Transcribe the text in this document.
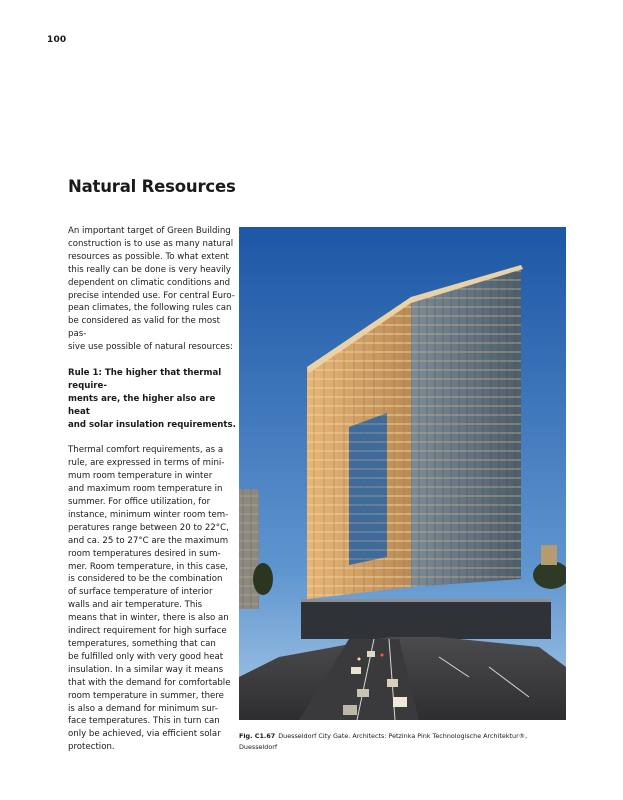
100
Natural Resources
An important target of Green Building
construction is to use as many natural
resources as possible. To what extent
this really can be done is very heavily
dependent on climatic conditions and
precise intended use. For central Euro-
pean climates, the following rules can
be considered as valid for the most pas-
sive use possible of natural resources:
Rule 1: The higher that thermal require-
ments are, the higher also are heat
and solar insulation requirements.
Thermal comfort requirements, as a
rule, are expressed in terms of mini-
mum room temperature in winter
and maximum room temperature in
summer. For office utilization, for
instance, minimum winter room tem-
peratures range between 20 to 22°C,
and ca. 25 to 27°C are the maximum
room temperatures desired in sum-
mer. Room temperature, in this case,
is considered to be the combination
of surface temperature of interior
walls and air temperature. This
means that in winter, there is also an
indirect requirement for high surface
temperatures, something that can
be fulfilled only with very good heat
insulation. In a similar way it means
that with the demand for comfortable
room temperature in summer, there
is also a demand for minimum sur-
face temperatures. This in turn can
only be achieved, via efficient solar
protection.
Fig. C1.67 Duesseldorf City Gate. Architects: Petzinka Pink Technologische Architektur®,
Duesseldorf
